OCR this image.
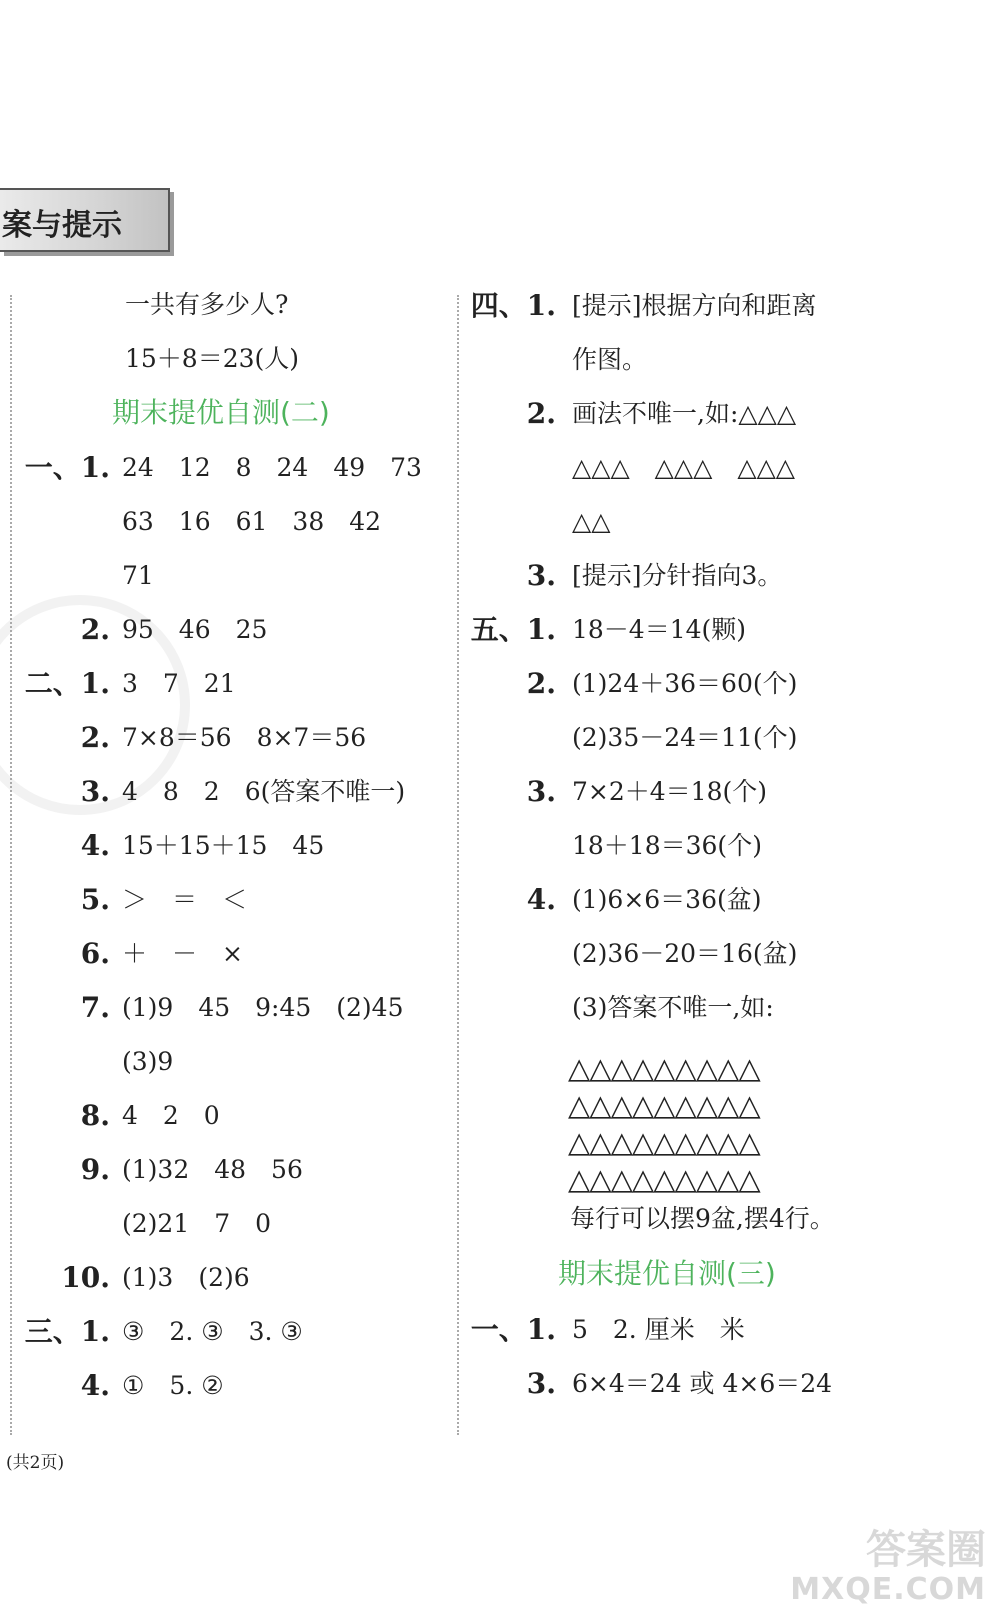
案与提示
一共有多少人?
15＋8＝23(人)
期末提优自测(二)
一、1. 24　12　8　24　49　73
63　16　61　38　42
71
2. 95　46　25
二、1. 3　7　21
2. 7×8＝56　8×7＝56
3. 4　8　2　6(答案不唯一)
4. 15＋15＋15　45
5. ＞　＝　＜
6. ＋　－　×
7. (1)9　45　9:45　(2)45
(3)9
8. 4　2　0
9. (1)32　48　56
(2)21　7　0
10. (1)3　(2)6
三、1. ③　2. ③　3. ③
4. ①　5. ②
四、1. [提示]根据方向和距离
作图。
2. 画法不唯一,如:△△△
△△△　△△△　△△△
△△
3. [提示]分针指向3。
五、1. 18－4＝14(颗)
2. (1)24＋36＝60(个)
(2)35－24＝11(个)
3. 7×2＋4＝18(个)
18＋18＝36(个)
4. (1)6×6＝36(盆)
(2)36－20＝16(盆)
(3)答案不唯一,如:
△△△△△△△△△
△△△△△△△△△
△△△△△△△△△
△△△△△△△△△
每行可以摆9盆,摆4行。
期末提优自测(三)
一、1. 5　2. 厘米　米
3. 6×4＝24 或 4×6＝24
(共2页)
答案圈
MXQE.COM
